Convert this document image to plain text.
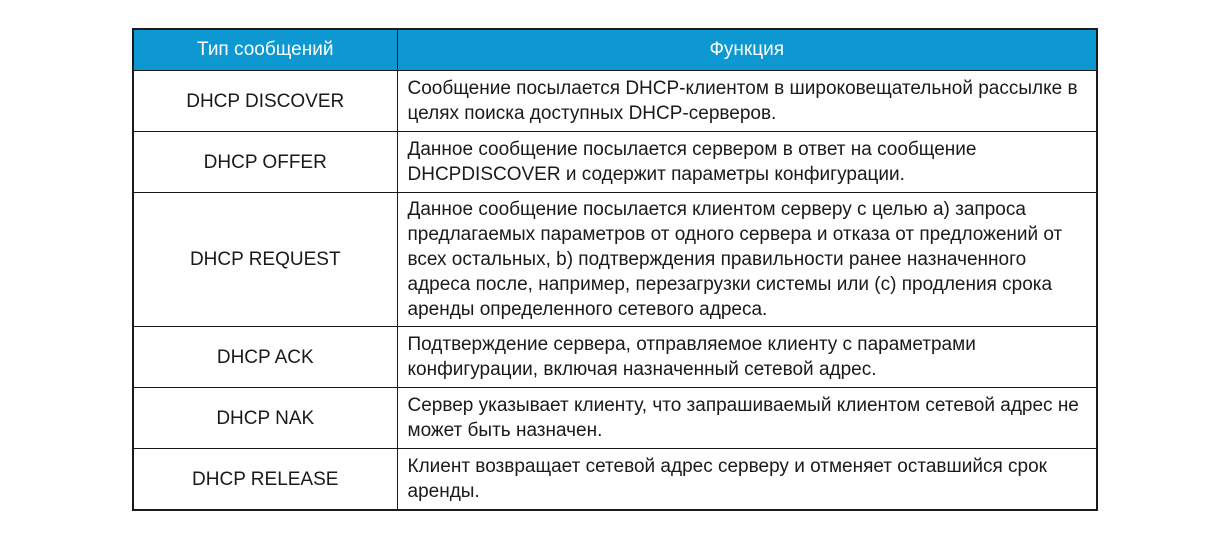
Тип сообщений	Функция
DHCP DISCOVER	Сообщение посылается DHCP-клиентом в широковещательной рассылке в целях поиска доступных DHCP-серверов.
DHCP OFFER	Данное сообщение посылается сервером в ответ на сообщение DHCPDISCOVER и содержит параметры конфигурации.
DHCP REQUEST	Данное сообщение посылается клиентом серверу с целью a) запроса предлагаемых параметров от одного сервера и отказа от предложений от всех остальных, b) подтверждения правильности ранее назначенного адреса после, например, перезагрузки системы или (c) продления срока аренды определенного сетевого адреса.
DHCP ACK	Подтверждение сервера, отправляемое клиенту с параметрами конфигурации, включая назначенный сетевой адрес.
DHCP NAK	Сервер указывает клиенту, что запрашиваемый клиентом сетевой адрес не может быть назначен.
DHCP RELEASE	Клиент возвращает сетевой адрес серверу и отменяет оставшийся срок аренды.
